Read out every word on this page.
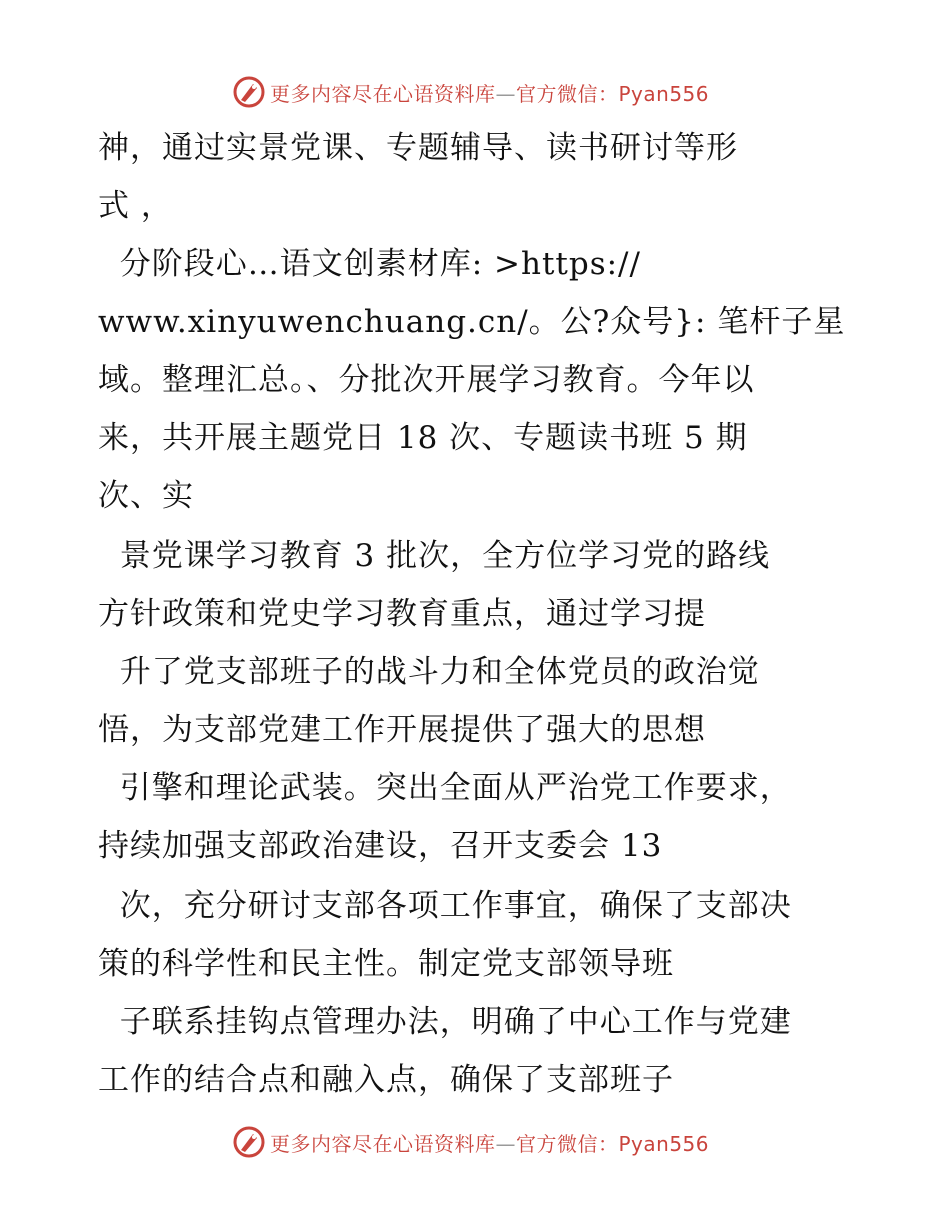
更多内容尽在心语资料库—官方微信：Pyan556
神，通过实景党课、专题辅导、读书研讨等形
式 ，
分阶段心…语文创素材库: >https://
www.xinyuwenchuang.cn/。公?众号}: 笔杆子星
域。整理汇总。、分批次开展学习教育。今年以
来，共开展主题党日 18 次、专题读书班 5 期
次、实
景党课学习教育 3 批次，全方位学习党的路线
方针政策和党史学习教育重点，通过学习提
升了党支部班子的战斗力和全体党员的政治觉
悟，为支部党建工作开展提供了强大的思想
引擎和理论武装。突出全面从严治党工作要求，
持续加强支部政治建设，召开支委会 13
次，充分研讨支部各项工作事宜，确保了支部决
策的科学性和民主性。制定党支部领导班
子联系挂钩点管理办法，明确了中心工作与党建
工作的结合点和融入点，确保了支部班子
更多内容尽在心语资料库—官方微信：Pyan556
